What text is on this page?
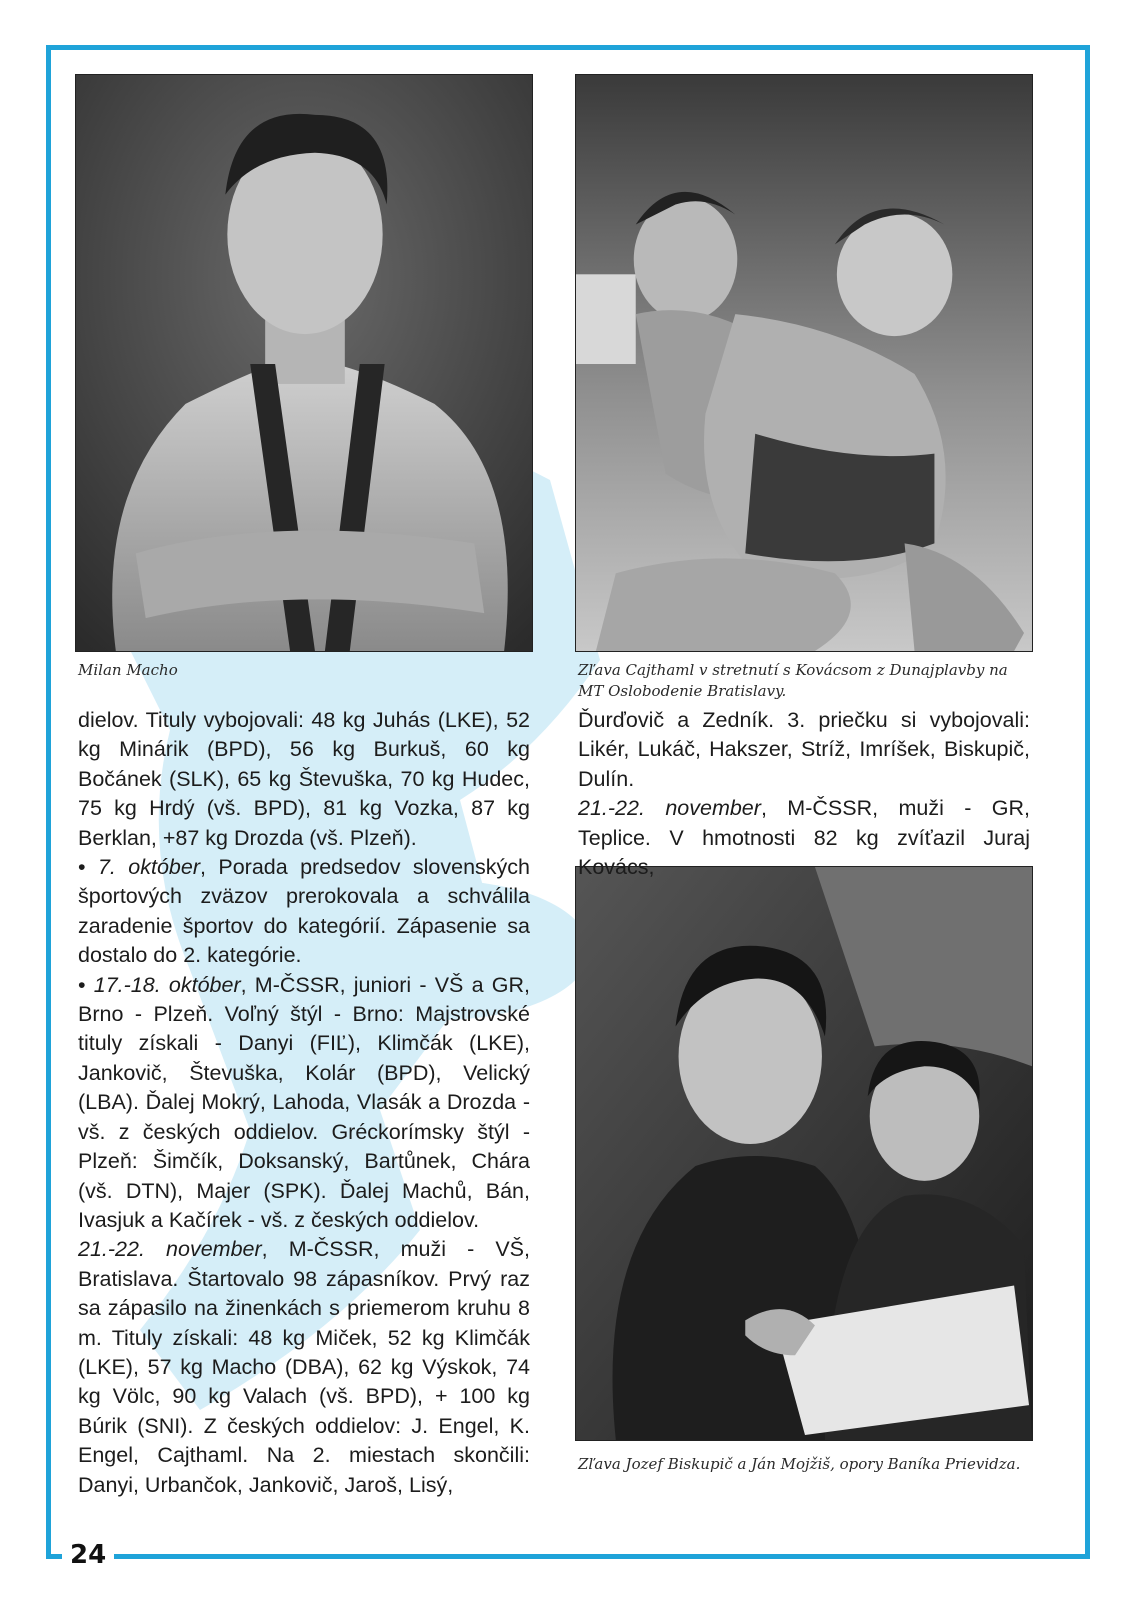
Milan Macho	Zľava Cajthaml v stretnutí s Kovácsom z Dunajplavby na MT Oslobodenie Bratislavy.
Zľava Jozef Biskupič a Ján Mojžiš, opory Baníka Prievidza.

dielov. Tituly vybojovali: 48 kg Juhás (LKE), 52 kg Minárik (BPD), 56 kg Burkuš, 60 kg Bočánek (SLK), 65 kg Števuška, 70 kg Hudec, 75 kg Hrdý (vš. BPD), 81 kg Vozka, 87 kg Berklan, +87 kg Drozda (vš. Plzeň).

• 7. október, Porada predsedov slovenských športových zväzov prerokovala a schválila zaradenie športov do kategórií. Zápasenie sa dostalo do 2. kategórie.

• 17.-18. október, M-ČSSR, juniori - VŠ a GR, Brno - Plzeň. Voľný štýl - Brno: Majstrovské tituly získali - Danyi (FIĽ), Klimčák (LKE), Jankovič, Števuška, Kolár (BPD), Velický (LBA). Ďalej Mokrý, Lahoda, Vlasák a Drozda - vš. z českých oddielov. Gréckorímsky štýl - Plzeň: Šimčík, Doksanský, Bartůnek, Chára (vš. DTN), Majer (SPK). Ďalej Machů, Bán, Ivasjuk a Kačírek - vš. z českých oddielov.

21.-22. november, M-ČSSR, muži - VŠ, Bratislava. Štartovalo 98 zápasníkov. Prvý raz sa zápasilo na žinenkách s priemerom kruhu 8 m. Tituly získali: 48 kg Miček, 52 kg Klimčák (LKE), 57 kg Macho (DBA), 62 kg Výskok, 74 kg Völc, 90 kg Valach (vš. BPD), + 100 kg Búrik (SNI). Z českých oddielov: J. Engel, K. Engel, Cajthaml. Na 2. miestach skončili: Danyi, Urbančok, Jankovič, Jaroš, Lisý,

Ďurďovič a Zedník. 3. priečku si vybojovali: Likér, Lukáč, Hakszer, Stríž, Imríšek, Biskupič, Dulín.

21.-22. november, M-ČSSR, muži - GR, Teplice. V hmotnosti 82 kg zvíťazil Juraj Kovács,

24
